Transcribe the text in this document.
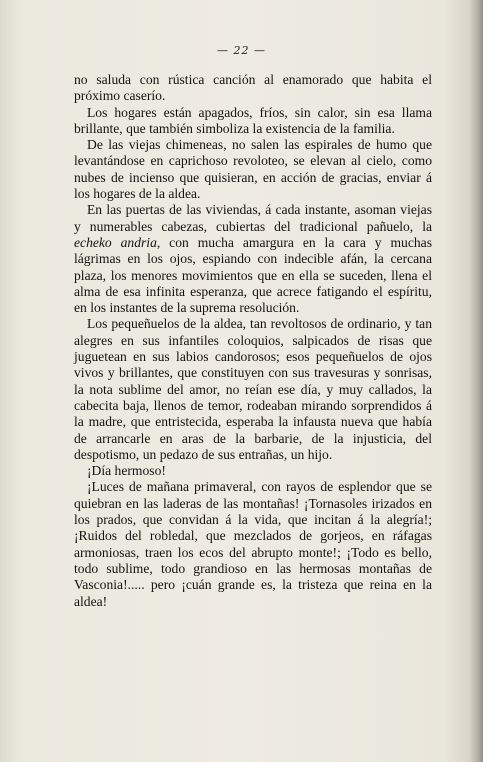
— 22 —

no saluda con rústica canción al enamorado que habita el próximo caserío.

Los hogares están apagados, fríos, sin calor, sin esa llama brillante, que también simboliza la existencia de la familia.

De las viejas chimeneas, no salen las espirales de humo que levantándose en caprichoso revoloteo, se elevan al cielo, como nubes de incienso que quisieran, en acción de gracias, enviar á los hogares de la aldea.

En las puertas de las viviendas, á cada instante, asoman viejas y numerables cabezas, cubiertas del tradicional pañuelo, la echeko andria, con mucha amargura en la cara y muchas lágrimas en los ojos, espiando con indecible afán, la cercana plaza, los menores movimientos que en ella se suceden, llena el alma de esa infinita esperanza, que acrece fatigando el espíritu, en los instantes de la suprema resolución.

Los pequeñuelos de la aldea, tan revoltosos de ordinario, y tan alegres en sus infantiles coloquios, salpicados de risas que juguetean en sus labios candorosos; esos pequeñuelos de ojos vivos y brillantes, que constituyen con sus travesuras y sonrisas, la nota sublime del amor, no reían ese día, y muy callados, la cabecita baja, llenos de temor, rodeaban mirando sorprendidos á la madre, que entristecida, esperaba la infausta nueva que había de arrancarle en aras de la barbarie, de la injusticia, del despotismo, un pedazo de sus entrañas, un hijo.

¡Día hermoso!

¡Luces de mañana primaveral, con rayos de esplendor que se quiebran en las laderas de las montañas! ¡Tornasoles irizados en los prados, que convidan á la vida, que incitan á la alegría!; ¡Ruidos del robledal, que mezclados de gorjeos, en ráfagas armoniosas, traen los ecos del abrupto monte!; ¡Todo es bello, todo sublime, todo grandioso en las hermosas montañas de Vasconia!..... pero ¡cuán grande es, la tristeza que reina en la aldea!
